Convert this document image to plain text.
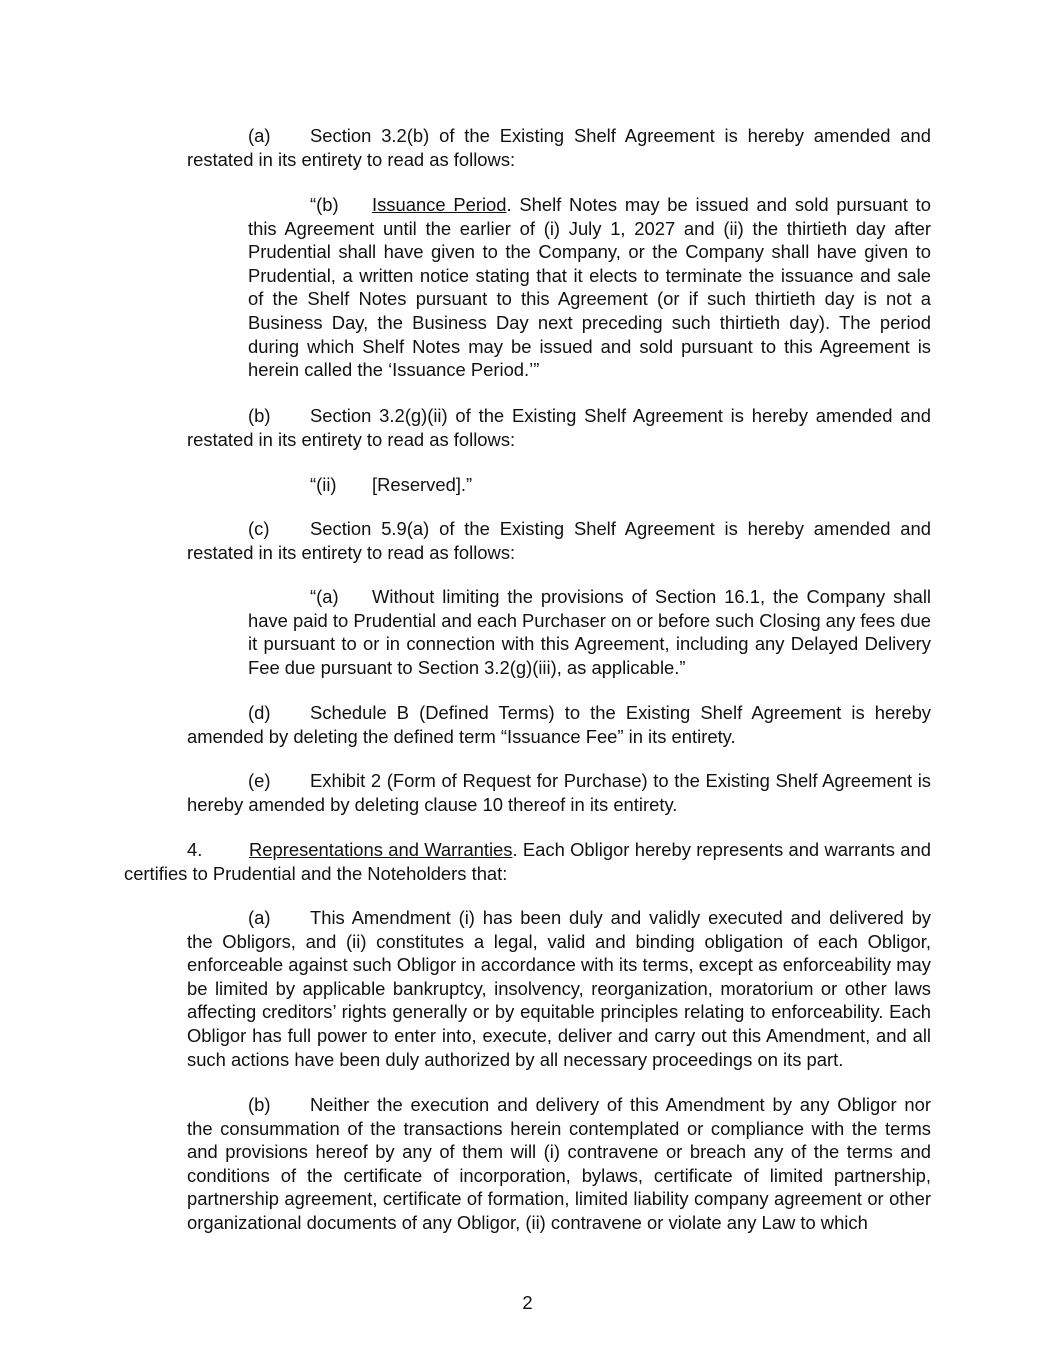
(a) Section 3.2(b) of the Existing Shelf Agreement is hereby amended and restated in its entirety to read as follows:

“(b) Issuance Period. Shelf Notes may be issued and sold pursuant to this Agreement until the earlier of (i) July 1, 2027 and (ii) the thirtieth day after Prudential shall have given to the Company, or the Company shall have given to Prudential, a written notice stating that it elects to terminate the issuance and sale of the Shelf Notes pursuant to this Agreement (or if such thirtieth day is not a Business Day, the Business Day next preceding such thirtieth day). The period during which Shelf Notes may be issued and sold pursuant to this Agreement is herein called the ‘Issuance Period.’”

(b) Section 3.2(g)(ii) of the Existing Shelf Agreement is hereby amended and restated in its entirety to read as follows:

“(ii) [Reserved].”

(c) Section 5.9(a) of the Existing Shelf Agreement is hereby amended and restated in its entirety to read as follows:

“(a) Without limiting the provisions of Section 16.1, the Company shall have paid to Prudential and each Purchaser on or before such Closing any fees due it pursuant to or in connection with this Agreement, including any Delayed Delivery Fee due pursuant to Section 3.2(g)(iii), as applicable.”

(d) Schedule B (Defined Terms) to the Existing Shelf Agreement is hereby amended by deleting the defined term “Issuance Fee” in its entirety.

(e) Exhibit 2 (Form of Request for Purchase) to the Existing Shelf Agreement is hereby amended by deleting clause 10 thereof in its entirety.

4.	Representations and Warranties. Each Obligor hereby represents and warrants and certifies to Prudential and the Noteholders that:

(a) This Amendment (i) has been duly and validly executed and delivered by the Obligors, and (ii) constitutes a legal, valid and binding obligation of each Obligor, enforceable against such Obligor in accordance with its terms, except as enforceability may be limited by applicable bankruptcy, insolvency, reorganization, moratorium or other laws affecting creditors’ rights generally or by equitable principles relating to enforceability. Each Obligor has full power to enter into, execute, deliver and carry out this Amendment, and all such actions have been duly authorized by all necessary proceedings on its part.

(b) Neither the execution and delivery of this Amendment by any Obligor nor the consummation of the transactions herein contemplated or compliance with the terms and provisions hereof by any of them will (i) contravene or breach any of the terms and conditions of the certificate of incorporation, bylaws, certificate of limited partnership, partnership agreement, certificate of formation, limited liability company agreement or other organizational documents of any Obligor, (ii) contravene or violate any Law to which

2
